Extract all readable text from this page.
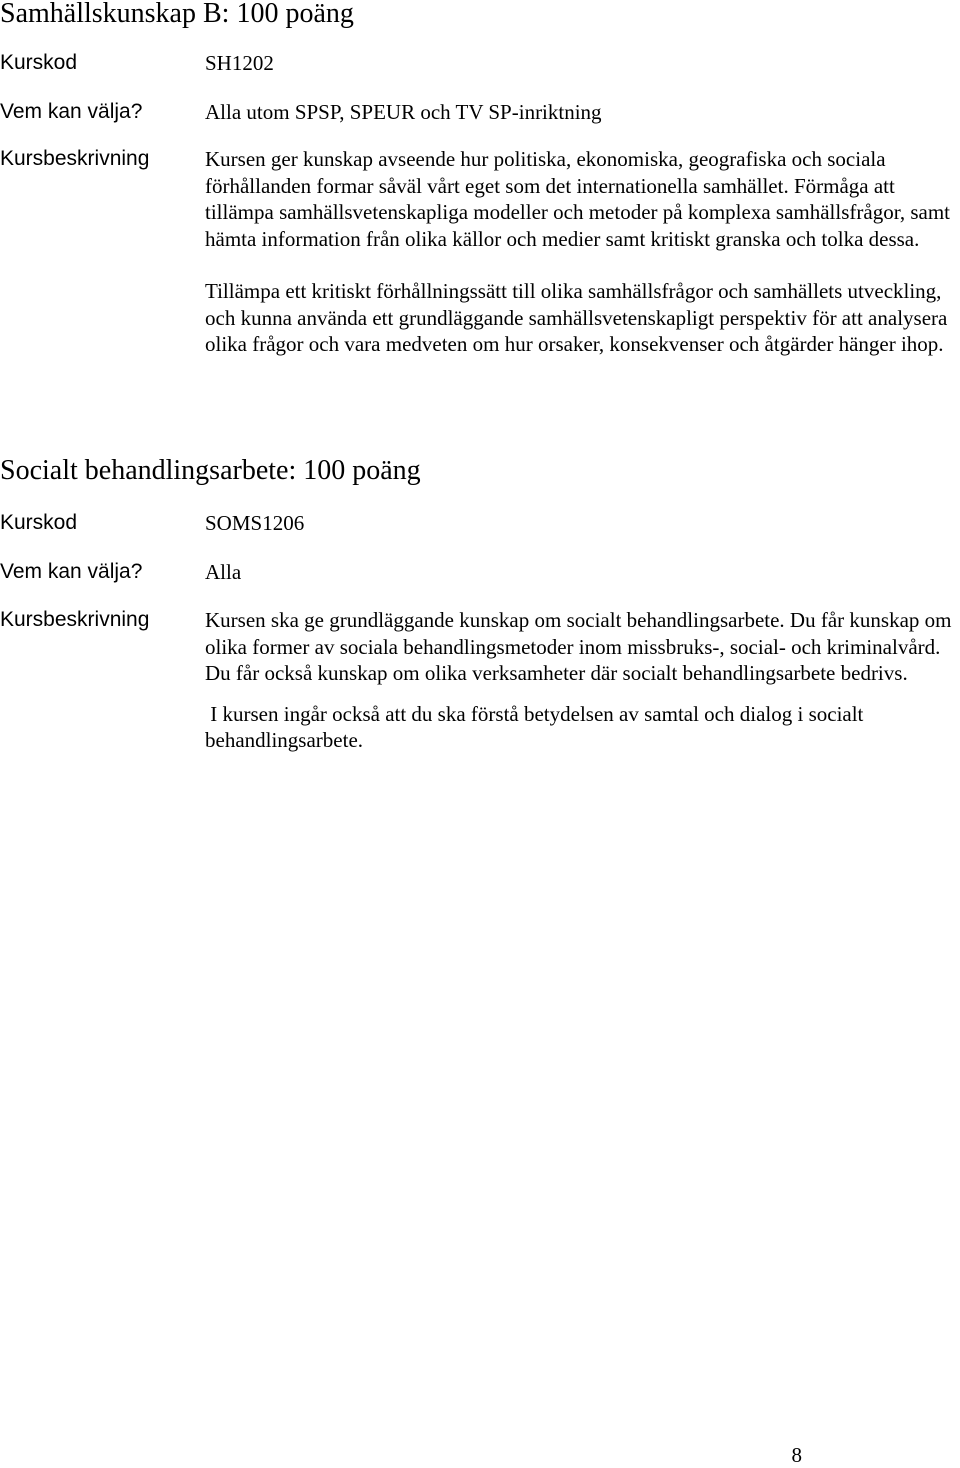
Samhällskunskap B: 100 poäng
Kurskod	SH1202
Vem kan välja?	Alla utom SPSP, SPEUR och TV SP-inriktning
Kursbeskrivning	Kursen ger kunskap avseende hur politiska, ekonomiska, geografiska och sociala förhållanden formar såväl vårt eget som det internationella samhället. Förmåga att tillämpa samhällsvetenskapliga modeller och metoder på komplexa samhällsfrågor, samt hämta information från olika källor och medier samt kritiskt granska och tolka dessa.

Tillämpa ett kritiskt förhållningssätt till olika samhällsfrågor och samhällets utveckling, och kunna använda ett grundläggande samhällsvetenskapligt perspektiv för att analysera olika frågor och vara medveten om hur orsaker, konsekvenser och åtgärder hänger ihop.

Socialt behandlingsarbete: 100 poäng
Kurskod	SOMS1206
Vem kan välja?	Alla
Kursbeskrivning	Kursen ska ge grundläggande kunskap om socialt behandlingsarbete. Du får kunskap om olika former av sociala behandlingsmetoder inom missbruks-, social- och kriminalvård. Du får också kunskap om olika verksamheter där socialt behandlingsarbete bedrivs.

I kursen ingår också att du ska förstå betydelsen av samtal och dialog i socialt behandlingsarbete.

8
